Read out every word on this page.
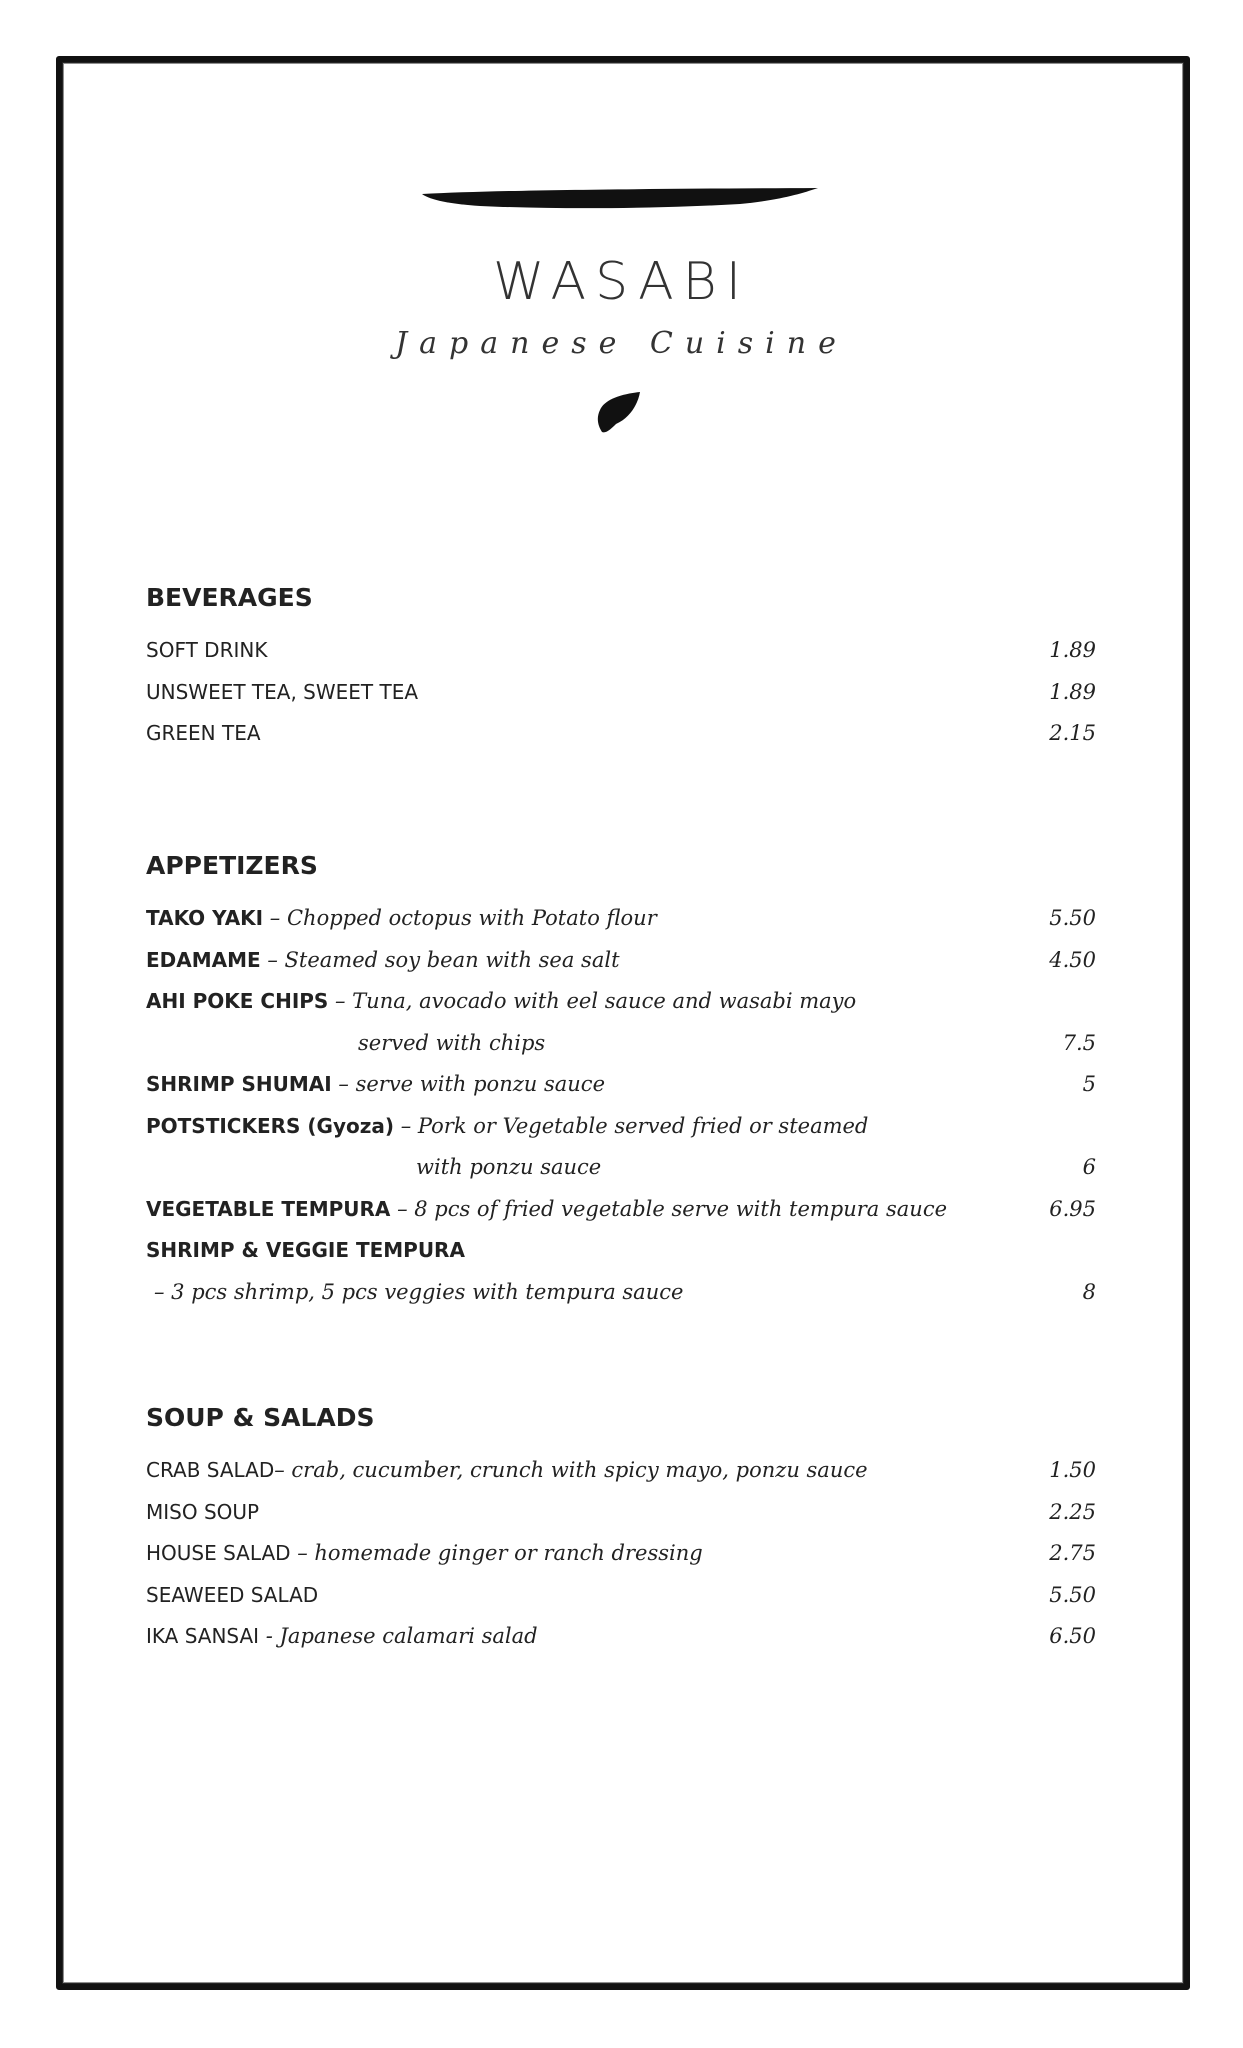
WASABI
Japanese Cuisine
BEVERAGES
SOFT DRINK	1.89
UNSWEET TEA, SWEET TEA	1.89
GREEN TEA	2.15
APPETIZERS
TAKO YAKI – Chopped octopus with Potato flour	5.50
EDAMAME – Steamed soy bean with sea salt	4.50
AHI POKE CHIPS – Tuna, avocado with eel sauce and wasabi mayo
served with chips	7.5
SHRIMP SHUMAI – serve with ponzu sauce	5
POTSTICKERS (Gyoza) – Pork or Vegetable served fried or steamed
with ponzu sauce	6
VEGETABLE TEMPURA – 8 pcs of fried vegetable serve with tempura sauce	6.95
SHRIMP & VEGGIE TEMPURA
– 3 pcs shrimp, 5 pcs veggies with tempura sauce	8
SOUP & SALADS
CRAB SALAD– crab, cucumber, crunch with spicy mayo, ponzu sauce	1.50
MISO SOUP	2.25
HOUSE SALAD – homemade ginger or ranch dressing	2.75
SEAWEED SALAD	5.50
IKA SANSAI - Japanese calamari salad	6.50
